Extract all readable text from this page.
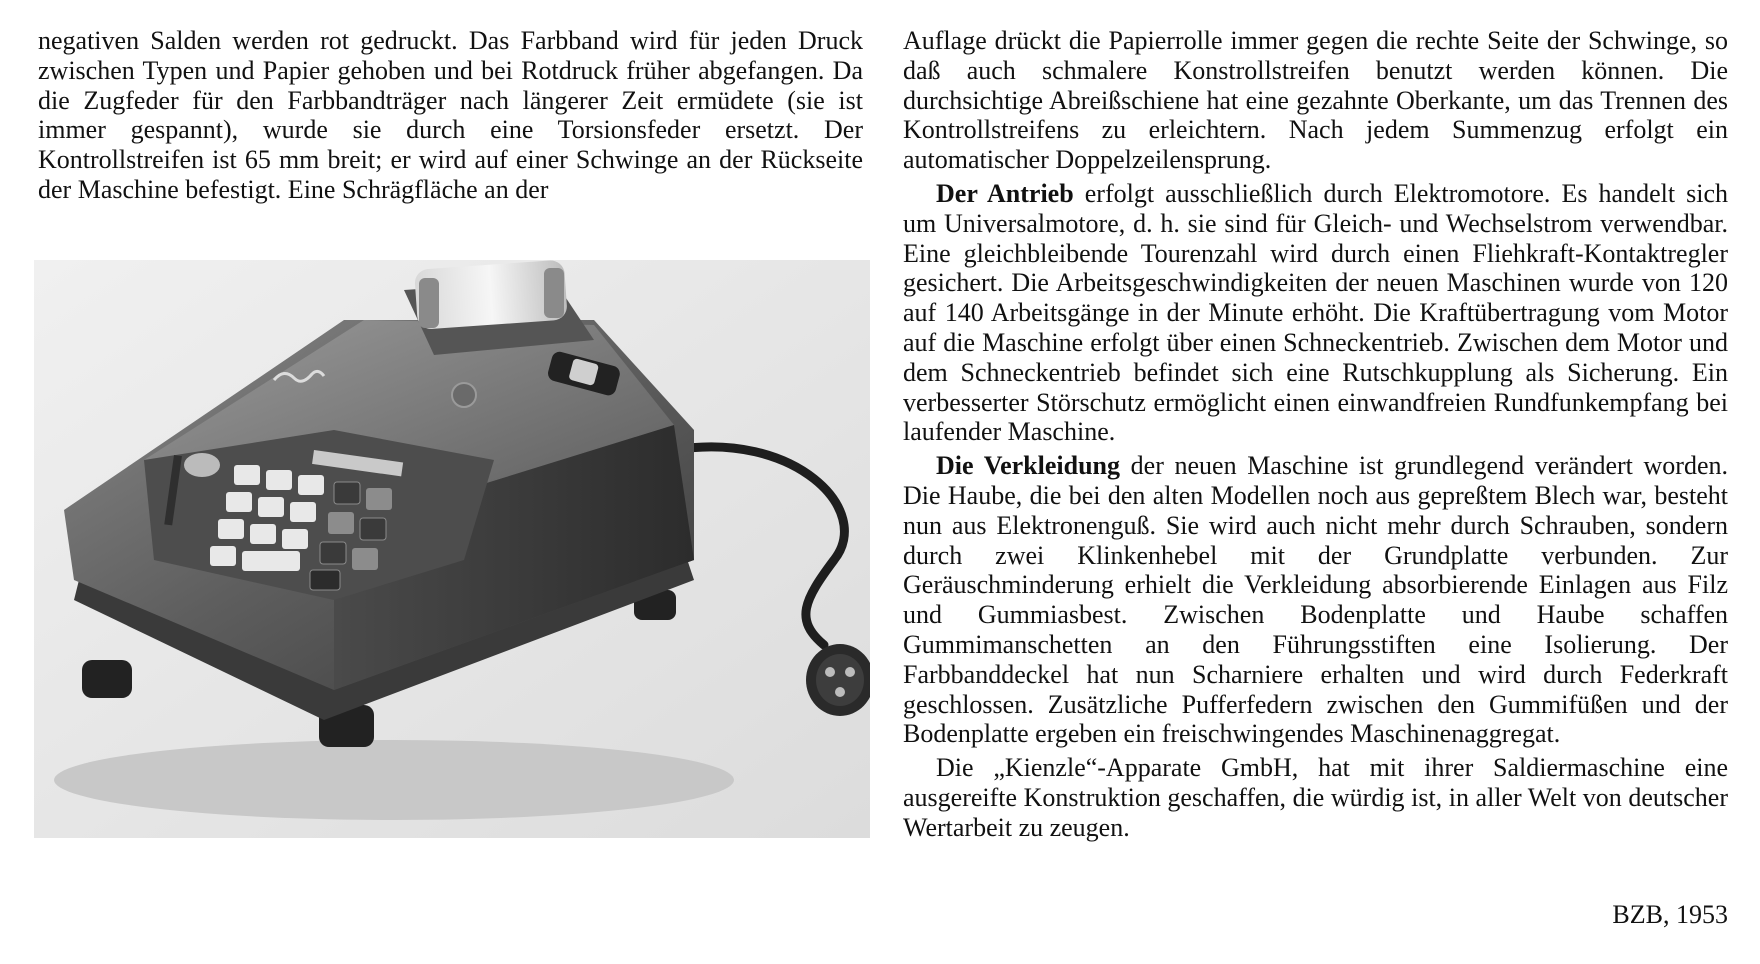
negativen Salden werden rot gedruckt. Das Farbband wird für jeden Druck zwischen Typen und Papier gehoben und bei Rotdruck früher abgefangen. Da die Zugfeder für den Farbbandträger nach längerer Zeit ermüdete (sie ist immer gespannt), wurde sie durch eine Torsionsfeder ersetzt. Der Kontrollstreifen ist 65 mm breit; er wird auf einer Schwinge an der Rückseite der Maschine befestigt. Eine Schrägfläche an der

Auflage drückt die Papierrolle immer gegen die rechte Seite der Schwinge, so daß auch schmalere Konstrollstreifen benutzt werden können. Die durchsichtige Abreißschiene hat eine gezahnte Oberkante, um das Trennen des Kontrollstreifens zu erleichtern. Nach jedem Summenzug erfolgt ein automatischer Doppelzeilensprung.

Der Antrieb erfolgt ausschließlich durch Elektromotore. Es handelt sich um Universalmotore, d. h. sie sind für Gleich- und Wechselstrom verwendbar. Eine gleichbleibende Tourenzahl wird durch einen Fliehkraft-Kontaktregler gesichert. Die Arbeitsgeschwindigkeiten der neuen Maschinen wurde von 120 auf 140 Arbeitsgänge in der Minute erhöht. Die Kraftübertragung vom Motor auf die Maschine erfolgt über einen Schneckentrieb. Zwischen dem Motor und dem Schneckentrieb befindet sich eine Rutschkupplung als Sicherung. Ein verbesserter Störschutz ermöglicht einen einwandfreien Rundfunkempfang bei laufender Maschine.

Die Verkleidung der neuen Maschine ist grundlegend verändert worden. Die Haube, die bei den alten Modellen noch aus gepreßtem Blech war, besteht nun aus Elektronenguß. Sie wird auch nicht mehr durch Schrauben, sondern durch zwei Klinkenhebel mit der Grundplatte verbunden. Zur Geräuschminderung erhielt die Verkleidung absorbierende Einlagen aus Filz und Gummiasbest. Zwischen Bodenplatte und Haube schaffen Gummimanschetten an den Führungsstiften eine Isolierung. Der Farbbanddeckel hat nun Scharniere erhalten und wird durch Federkraft geschlossen. Zusätzliche Pufferfedern zwischen den Gummifüßen und der Bodenplatte ergeben ein freischwingendes Maschinenaggregat.

Die „Kienzle“-Apparate GmbH, hat mit ihrer Saldiermaschine eine ausgereifte Konstruktion geschaffen, die würdig ist, in aller Welt von deutscher Wertarbeit zu zeugen.

BZB, 1953
